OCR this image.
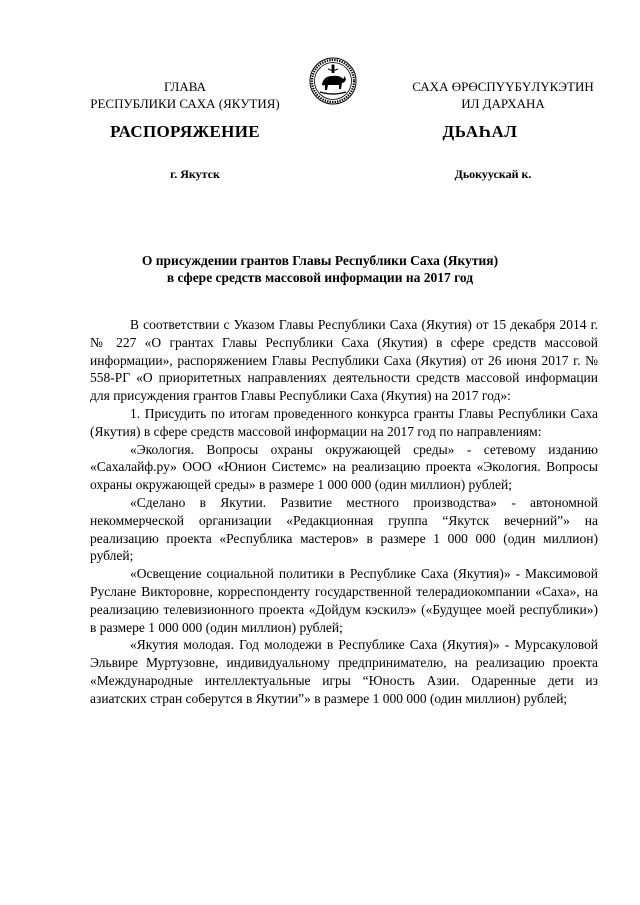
ГЛАВА
РЕСПУБЛИКИ САХА (ЯКУТИЯ)
САХА ӨРӨСПҮҮБҮЛҮКЭТИН
ИЛ ДАРХАНА
РАСПОРЯЖЕНИЕ	ДЬАҺАЛ
г. Якутск	Дьокуускай к.
О присуждении грантов Главы Республики Саха (Якутия)
в сфере средств массовой информации на 2017 год

В соответствии с Указом Главы Республики Саха (Якутия) от 15 декабря 2014 г. № 227 «О грантах Главы Республики Саха (Якутия) в сфере средств массовой информации», распоряжением Главы Республики Саха (Якутия) от 26 июня 2017 г. № 558-РГ «О приоритетных направлениях деятельности средств массовой информации для присуждения грантов Главы Республики Саха (Якутия) на 2017 год»:

1. Присудить по итогам проведенного конкурса гранты Главы Республики Саха (Якутия) в сфере средств массовой информации на 2017 год по направлениям:

«Экология. Вопросы охраны окружающей среды» - сетевому изданию «Сахалайф.ру» ООО «Юнион Системс» на реализацию проекта «Экология. Вопросы охраны окружающей среды» в размере 1 000 000 (один миллион) рублей;

«Сделано в Якутии. Развитие местного производства» - автономной некоммерческой организации «Редакционная группа “Якутск вечерний”» на реализацию проекта «Республика мастеров» в размере 1 000 000 (один миллион) рублей;

«Освещение социальной политики в Республике Саха (Якутия)» - Максимовой Руслане Викторовне, корреспонденту государственной телерадиокомпании «Саха», на реализацию телевизионного проекта «Дойдум кэскилэ» («Будущее моей республики») в размере 1 000 000 (один миллион) рублей;

«Якутия молодая. Год молодежи в Республике Саха (Якутия)» - Мурсакуловой Эльвире Муртузовне, индивидуальному предпринимателю, на реализацию проекта «Международные интеллектуальные игры “Юность Азии. Одаренные дети из азиатских стран соберутся в Якутии”» в размере 1 000 000 (один миллион) рублей;
